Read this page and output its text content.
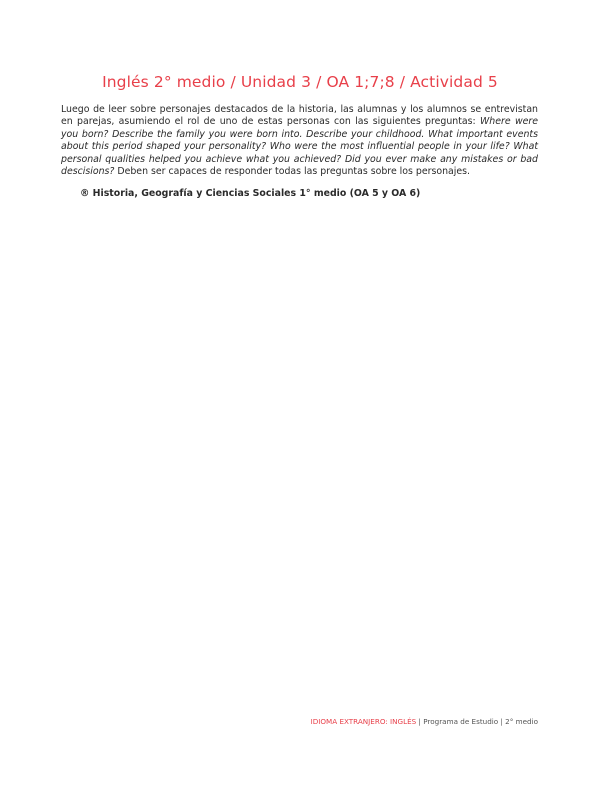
Inglés 2° medio / Unidad 3 / OA 1;7;8 / Actividad 5
Luego de leer sobre personajes destacados de la historia, las alumnas y los alumnos se entrevistan en parejas, asumiendo el rol de uno de estas personas con las siguientes preguntas: Where were you born? Describe the family you were born into. Describe your childhood. What important events about this period shaped your personality? Who were the most influential people in your life? What personal qualities helped you achieve what you achieved? Did you ever make any mistakes or bad descisions? Deben ser capaces de responder todas las preguntas sobre los personajes.
® Historia, Geografía y Ciencias Sociales 1° medio (OA 5 y OA 6)
IDIOMA EXTRANJERO: INGLÉS | Programa de Estudio | 2° medio
